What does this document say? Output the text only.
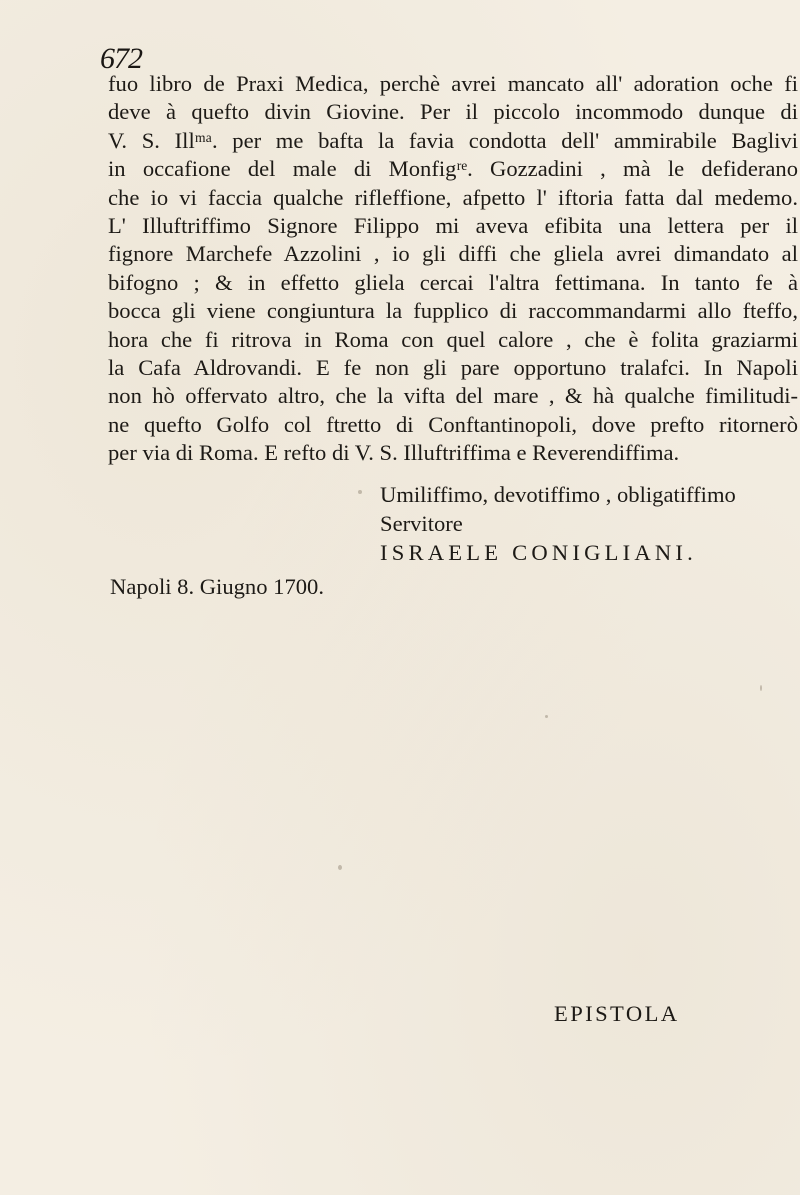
672
fuo libro de Praxi Medica, perchè avrei mancato all' adoration oche fi
deve à quefto divin Giovine. Per il piccolo incommodo dunque di
V. S. Illᵐᵃ. per me bafta la favia condotta dell' ammirabile Baglivi
in occafione del male di Monfigʳᵉ. Gozzadini , mà le defiderano
che io vi faccia qualche rifleffione, afpetto l' iftoria fatta dal medemo.
L' Illuftriffimo Signore Filippo mi aveva efibita una lettera per il
fignore Marchefe Azzolini , io gli diffi che gliela avrei dimandato al
bifogno ; & in effetto gliela cercai l'altra fettimana. In tanto fe à
bocca gli viene congiuntura la fupplico di raccommandarmi allo fteffo,
hora che fi ritrova in Roma con quel calore , che è folita graziarmi
la Cafa Aldrovandi. E fe non gli pare opportuno tralafci. In Napoli
non hò offervato altro, che la vifta del mare , & hà qualche fimilitudi-
ne quefto Golfo col ftretto di Conftantinopoli, dove prefto ritornerò
per via di Roma. E refto di V. S. Illuftriffima e Reverendiffima.
Umiliffimo, devotiffimo , obligatiffimo
Servitore
ISRAELE CONIGLIANI.
Napoli 8. Giugno 1700.
EPISTOLA
